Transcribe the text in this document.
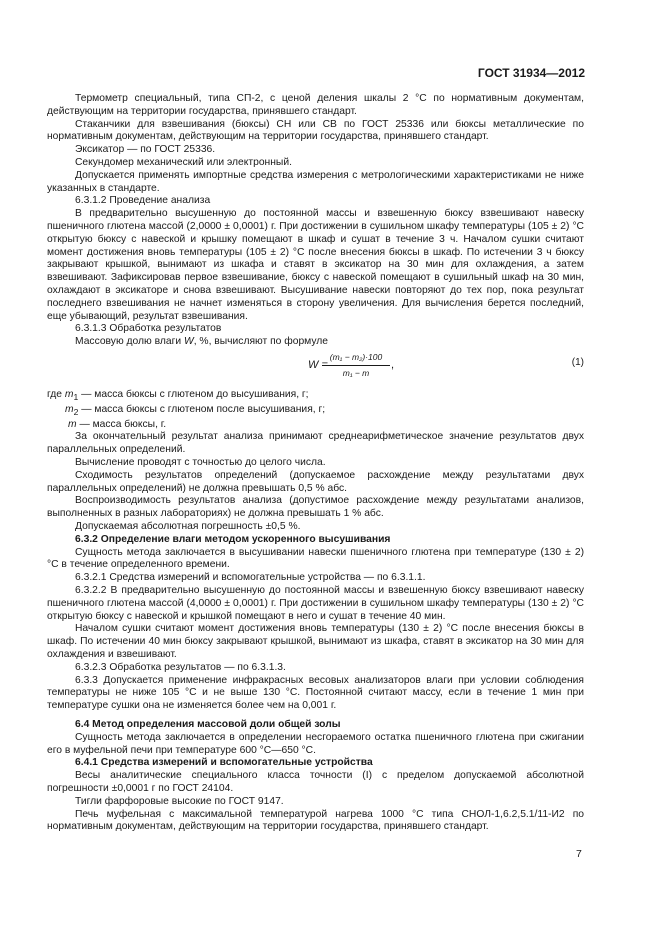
ГОСТ 31934—2012

Термометр специальный, типа СП-2, с ценой деления шкалы 2 °С по нормативным документам, действующим на территории государства, принявшего стандарт.

Стаканчики для взвешивания (бюксы) СН или СВ по ГОСТ 25336 или бюксы металлические по нормативным документам, действующим на территории государства, принявшего стандарт.

Эксикатор — по ГОСТ 25336.

Секундомер механический или электронный.

Допускается применять импортные средства измерения с метрологическими характеристиками не ниже указанных в стандарте.

6.3.1.2 Проведение анализа

В предварительно высушенную до постоянной массы и взвешенную бюксу взвешивают навеску пшеничного глютена массой (2,0000 ± 0,0001) г. При достижении в сушильном шкафу температуры (105 ± 2) °С открытую бюксу с навеской и крышку помещают в шкаф и сушат в течение 3 ч. Началом сушки считают момент достижения вновь температуры (105 ± 2) °С после внесения бюксы в шкаф. По истечении 3 ч бюксу закрывают крышкой, вынимают из шкафа и ставят в эксикатор на 30 мин для охлаждения, а затем взвешивают. Зафиксировав первое взвешивание, бюксу с навеской помещают в сушильный шкаф на 30 мин, охлаждают в эксикаторе и снова взвешивают. Высушивание навески повторяют до тех пор, пока результат последнего взвешивания не начнет изменяться в сторону увеличения. Для вычисления берется последний, еще убывающий, результат взвешивания.

6.3.1.3 Обработка результатов

Массовую долю влаги W, %, вычисляют по формуле

W =
$\frac{\text{(m₁ − m₂)·100}}{\text{m₁ − m}}$ ,	(1)

где $m_1$ — масса бюксы с глютеном до высушивания, г;

$m_2$ — масса бюксы с глютеном после высушивания, г;

m — масса бюксы, г.

За окончательный результат анализа принимают среднеарифметическое значение результатов двух параллельных определений.

Вычисление проводят с точностью до целого числа.

Сходимость результатов определений (допускаемое расхождение между результатами двух параллельных определений) не должна превышать 0,5 % абс.

Воспроизводимость результатов анализа (допустимое расхождение между результатами анализов, выполненных в разных лабораториях) не должна превышать 1 % абс.

Допускаемая абсолютная погрешность ±0,5 %.

6.3.2 Определение влаги методом ускоренного высушивания

Сущность метода заключается в высушивании навески пшеничного глютена при температуре (130 ± 2) °С в течение определенного времени.

6.3.2.1 Средства измерений и вспомогательные устройства — по 6.3.1.1.

6.3.2.2 В предварительно высушенную до постоянной массы и взвешенную бюксу взвешивают навеску пшеничного глютена массой (4,0000 ± 0,0001) г. При достижении в сушильном шкафу температуры (130 ± 2) °С открытую бюксу с навеской и крышкой помещают в него и сушат в течение 40 мин.

Началом сушки считают момент достижения вновь температуры (130 ± 2) °С после внесения бюксы в шкаф. По истечении 40 мин бюксу закрывают крышкой, вынимают из шкафа, ставят в эксикатор на 30 мин для охлаждения и взвешивают.

6.3.2.3 Обработка результатов — по 6.3.1.3.

6.3.3 Допускается применение инфракрасных весовых анализаторов влаги при условии соблюдения температуры не ниже 105 °С и не выше 130 °С. Постоянной считают массу, если в течение 1 мин при температуре сушки она не изменяется более чем на 0,001 г.

6.4 Метод определения массовой доли общей золы

Сущность метода заключается в определении несгораемого остатка пшеничного глютена при сжигании его в муфельной печи при температуре 600 °С—650 °С.

6.4.1 Средства измерений и вспомогательные устройства

Весы аналитические специального класса точности (I) с пределом допускаемой абсолютной погрешности ±0,0001 г по ГОСТ 24104.

Тигли фарфоровые высокие по ГОСТ 9147.

Печь муфельная с максимальной температурой нагрева 1000 °С типа СНОЛ-1,6.2,5.1/11-И2 по нормативным документам, действующим на территории государства, принявшего стандарт.

7
